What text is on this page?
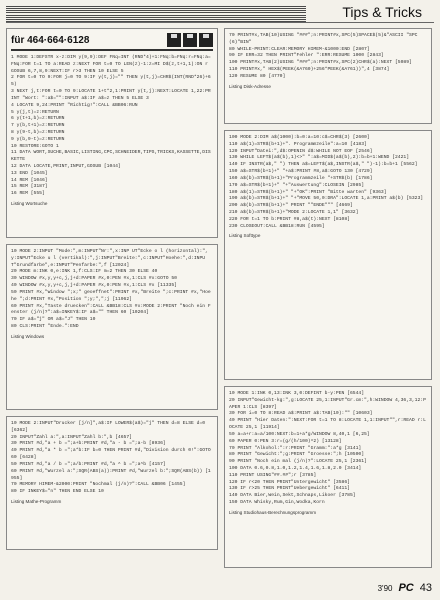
Tips & Tricks
für 464·664·6128
1 MODE 1:DEFSTR x-z:DIM y(9,9):DEF FNq=INT (RND*4)+1:FNq:b=FNq:r=FNq:a=FNq:FOR t=1 TO a:READ z:NEXT FOR t=0 TO LEN(z)-1:z=MI D$(z,t+1,1):ON r GOSUB 6,7,8,9:NEXT:IF r>3 THEN 10 ELSE 5
2 FOR t=0 TO 9:FOR j=0 TO 9:IF y(t,j)="" THEN y(t,j)=CHR$(INT(RND*26)+65)
3 NEXT j,t:FOR t=0 TO 9:LOCATE 1+t*2,1:PRINT y(t,j):NEXT:LOCATE 1,22:PRINT "Wort: ":a$="":INPUT a$:IF a$=z THEN 5 ELSE 3
4 LOCATE 9,24:PRINT "Richtig!":CALL &BB06:RUN
5 y(j,t)=z:RETURN
6 y(t+1,b)=z:RETURN
7 y(b,t+1)=z:RETURN
8 y(9-t,b)=z:RETURN
9 y(b,9-t)=z:RETURN
10 RESTORE:GOTO 1
11 DATA WORT,SUCHE,BASIC,LISTING,CPC,SCHNEIDER,TIPS,TRICKS,KASSETTE,DISKETTE
12 DATA LOCATE,PRINT,INPUT,GOSUB [1044]
13 END [1045]
14 REM [1046]
15 REM [3187]
16 REM [555]
Listing Wortsuche
10 MODE 2:INPUT "Mode:",m:INPUT"Nr:",x:INP UT"Ecke o l (horizontal):",y:INPUT"Ecke u l (vertikal):",j:INPUT"Breite:",c:INPUT"Hoehe:",d:INPUT"Grundfarbe",e:INPUT"Penfarbe:",f [12024]
20 MODE m:INK 0,e:INK 1,f:CLS:IF m=2 THEN 30 ELSE 40
30 WINDOW #x,y,y+c,j,j+d:PAPER #x,0:PEN #x,1:CLS #x:GOTO 50
40 WINDOW #x,y,y+c,j,j+d:PAPER #x,0:PEN #x,1:CLS #x [11335]
50 PRINT #x,"Window ";x;" geoeffnet":PRINT #x,"Breite ";c:PRINT #x,"Hoehe ";d:PRINT #x,"Position ";y;",";j [11962]
60 PRINT #x,"Taste druecken":CALL &BB18:CLS #x:MODE 2:PRINT "Noch ein Fenster (j/n)?":a$=INKEY$:IF a$="" THEN 60 [10204]
70 IF a$="j" OR a$="J" THEN 10
80 CLS:PRINT "Ende.":END
Listing Windows
10 MODE 2:INPUT"Drucker [j/n]",a$:IF LOWER$(a$)="j" THEN d=8 ELSE d=0 [6362]
20 INPUT"Zahl a:",a:INPUT"Zahl b:",b [4657]
30 PRINT #d,"a + b =";a+b:PRINT #d,"a - b =";a-b [8936]
40 PRINT #d,"a * b =";a*b:IF b=0 THEN PRINT #d,"Division durch 0!":GOTO 60 [6428]
50 PRINT #d,"a / b =";a/b:PRINT #d,"a ^ b =";a^b [4157]
60 PRINT #d,"Wurzel a:";SQR(ABS(a)):PRINT #d,"Wurzel b:";SQR(ABS(b)) [1955]
70 MEMORY HIMEM-&2000:PRINT "Nochmal (j/n)?":CALL &BB06 [1455]
80 IF INKEY$="n" THEN END ELSE 10
Listing Mathe-Programm
70 PRINT#x,TAB(10)USING "###";n:PRINT#x,SPC(5)SPACE$(5)&"ASCII "SPC(6)"BIN"
80 WHILE-PRINT:CLEAR:MEMORY HIMEM-&1000:END [2807]
90 IF ERR=32 THEN PRINT"Fehler ":ERR:RESUME 1000 [2843]
100 PRINT#x,TAB(2)USING "###";n:PRINT#x,SPC(2)CHR$(a):NEXT [5089]
110 PRINT#x," HEX$(PEEK(&A760)+256*PEEK(&A761))",4 [3874]
120 RESUME 80 [4770]
Listing Disk-Adresse
100 MODE 2:DIM a$(1000):b=0:a=10:c$=CHR$(3) [2600]
110 a$(1)=STR$(b+1)+". Programmzeile":a=10 [4183]
120 INPUT"Datei:",d$:OPENIN d$:WHILE NOT EOF [2546]
130 WHILE LEFT$(a$(b),1)<>" ":a$=MID$(a$(b),2):b=b+1:WEND [2421]
140 IF INSTR(a$," ") THEN a$=LEFT$(a$,INSTR(a$," ")-1):b=b+1 [5562]
150 a$=STR$(b+1)+" "+a$:PRINT #8,a$:GOTO 130 [4729]
160 a$(b)=STR$(b+1)+"Programmzeile "+STR$(b) [1786]
170 a$=STR$(b+1)+" "+"Auswertung":CLOSEIN [2985]
180 a$(1)=STR$(b+1)+" "+"OK":PRINT "Bitte warten" [9363]
190 a$(b)=STR$(b+1)+" "+"MOVE 50,0:DRA":LOCATE 1,a:PRINT a$(b) [5323]
200 a$(b)=STR$(b+1)+" PRINT ""ENDE""" [4669]
210 a$(b)=STR$(b+1)+"MODE 2:LOCATE 1,1" [3632]
220 FOR t=1 TO b:PRINT #8,a$(t):NEXT [8108]
230 CLOSEOUT:CALL &BB18:RUN [4595]
Listing Softtype
10 MODE 1:INK 0,13:INK 3,0:DEFINT b-y:PEN [6544]
20 INPUT"Gewicht-kg:",g:LOCATE 25,1:INPUT"Gr.cm:",h:WINDOW 4,36,3,12:PAPER 1:CLS [8397]
30 FOR i=0 TO 8:READ a$:PRINT a$:TAB(10):"" [10603]
40 PRINT "Hier Daten:":NEXT:FOR t=1 TO 8:LOCATE 1,1:INPUT"",r:READ r:LOCATE 25,1 [11914]
50 a=a+r:a=a/100:NEXT:b=1+a*g/WINDOW 8,40,1 [6,25]
60 PAPER 0:PEN 3:r=(g/(h/100)^2) [13128]
70 PRINT "Alkohol:":r:PRINT "Gramm:":a*g [3141]
80 PRINT "Gewicht:";g:PRINT "Groesse:";h [10500]
90 PRINT "Noch ein mal (j/n)?":LOCATE 25,1 [2361]
100 DATA 0.6,0.8,1.0,1.2,1.4,1.6,1.8,2.0 [3414]
110 PRINT USING"##.##";r [3785]
120 IF r<20 THEN PRINT"Untergewicht" [3586]
130 IF r>25 THEN PRINT"Uebergewicht" [6411]
140 DATA Bier,Wein,Sekt,Schnaps,Likoer [3785]
150 DATA Whisky,Rum,Gin,Wodka,Korn
Listing Studiohaus-Berechnungsprogramm
3'90 PC 43
